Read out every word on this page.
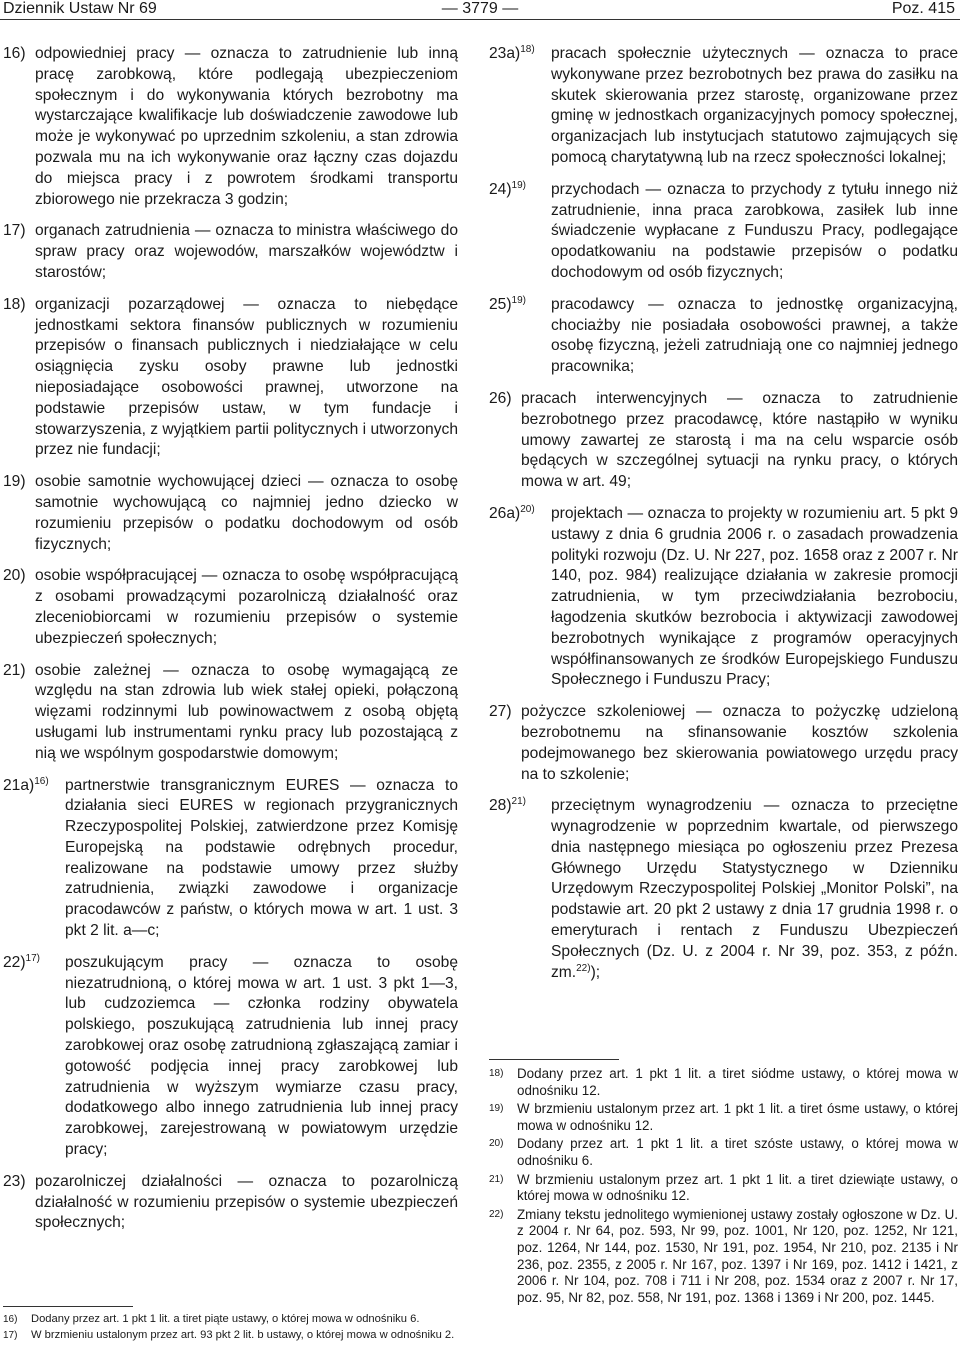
Dziennik Ustaw Nr 69	— 3779 —	Poz. 415
16) odpowiedniej pracy — oznacza to zatrudnienie lub inną pracę zarobkową, które podlegają ubezpieczeniom społecznym i do wykonywania których bezrobotny ma wystarczające kwalifikacje lub doświadczenie zawodowe lub może je wykonywać po uprzednim szkoleniu, a stan zdrowia pozwala mu na ich wykonywanie oraz łączny czas dojazdu do miejsca pracy i z powrotem środkami transportu zbiorowego nie przekracza 3 godzin;
17) organach zatrudnienia — oznacza to ministra właściwego do spraw pracy oraz wojewodów, marszałków województw i starostów;
18) organizacji pozarządowej — oznacza to niebędące jednostkami sektora finansów publicznych w rozumieniu przepisów o finansach publicznych i niedziałające w celu osiągnięcia zysku osoby prawne lub jednostki nieposiadające osobowości prawnej, utworzone na podstawie przepisów ustaw, w tym fundacje i stowarzyszenia, z wyjątkiem partii politycznych i utworzonych przez nie fundacji;
19) osobie samotnie wychowującej dzieci — oznacza to osobę samotnie wychowującą co najmniej jedno dziecko w rozumieniu przepisów o podatku dochodowym od osób fizycznych;
20) osobie współpracującej — oznacza to osobę współpracującą z osobami prowadzącymi pozarolniczą działalność oraz zleceniobiorcami w rozumieniu przepisów o systemie ubezpieczeń społecznych;
21) osobie zależnej — oznacza to osobę wymagającą ze względu na stan zdrowia lub wiek stałej opieki, połączoną więzami rodzinnymi lub powinowactwem z osobą objętą usługami lub instrumentami rynku pracy lub pozostającą z nią we wspólnym gospodarstwie domowym;
21a)$^{16)}$	partnerstwie transgranicznym EURES — oznacza to działania sieci EURES w regionach przygranicznych Rzeczypospolitej Polskiej, zatwierdzone przez Komisję Europejską na podstawie odrębnych procedur, realizowane na podstawie umowy przez służby zatrudnienia, związki zawodowe i organizacje pracodawców z państw, o których mowa w art. 1 ust. 3 pkt 2 lit. a—c;
22)$^{17)}$	poszukującym pracy — oznacza to osobę niezatrudnioną, o której mowa w art. 1 ust. 3 pkt 1—3, lub cudzoziemca — członka rodziny obywatela polskiego, poszukującą zatrudnienia lub innej pracy zarobkowej oraz osobę zatrudnioną zgłaszającą zamiar i gotowość podjęcia innej pracy zarobkowej lub zatrudnienia w wyższym wymiarze czasu pracy, dodatkowego albo innego zatrudnienia lub innej pracy zarobkowej, zarejestrowaną w powiatowym urzędzie pracy;
23) pozarolniczej działalności — oznacza to pozarolniczą działalność w rozumieniu przepisów o systemie ubezpieczeń społecznych;
16)	Dodany przez art. 1 pkt 1 lit. a tiret piąte ustawy, o której mowa w odnośniku 6.
17)	W brzmieniu ustalonym przez art. 93 pkt 2 lit. b ustawy, o której mowa w odnośniku 2.
23a)$^{18)}$	pracach społecznie użytecznych — oznacza to prace wykonywane przez bezrobotnych bez prawa do zasiłku na skutek skierowania przez starostę, organizowane przez gminę w jednostkach organizacyjnych pomocy społecznej, organizacjach lub instytucjach statutowo zajmujących się pomocą charytatywną lub na rzecz społeczności lokalnej;
24)$^{19)}$	przychodach — oznacza to przychody z tytułu innego niż zatrudnienie, inna praca zarobkowa, zasiłek lub inne świadczenie wypłacane z Funduszu Pracy, podlegające opodatkowaniu na podstawie przepisów o podatku dochodowym od osób fizycznych;
25)$^{19)}$	pracodawcy — oznacza to jednostkę organizacyjną, chociażby nie posiadała osobowości prawnej, a także osobę fizyczną, jeżeli zatrudniają one co najmniej jednego pracownika;
26) pracach interwencyjnych — oznacza to zatrudnienie bezrobotnego przez pracodawcę, które nastąpiło w wyniku umowy zawartej ze starostą i ma na celu wsparcie osób będących w szczególnej sytuacji na rynku pracy, o których mowa w art. 49;
26a)$^{20)}$	projektach — oznacza to projekty w rozumieniu art. 5 pkt 9 ustawy z dnia 6 grudnia 2006 r. o zasadach prowadzenia polityki rozwoju (Dz. U. Nr 227, poz. 1658 oraz z 2007 r. Nr 140, poz. 984) realizujące działania w zakresie promocji zatrudnienia, w tym przeciwdziałania bezrobociu, łagodzenia skutków bezrobocia i aktywizacji zawodowej bezrobotnych wynikające z programów operacyjnych współfinansowanych ze środków Europejskiego Funduszu Społecznego i Funduszu Pracy;
27) pożyczce szkoleniowej — oznacza to pożyczkę udzieloną bezrobotnemu na sfinansowanie kosztów szkolenia podejmowanego bez skierowania powiatowego urzędu pracy na to szkolenie;
28)$^{21)}$	przeciętnym wynagrodzeniu — oznacza to przeciętne wynagrodzenie w poprzednim kwartale, od pierwszego dnia następnego miesiąca po ogłoszeniu przez Prezesa Głównego Urzędu Statystycznego w Dzienniku Urzędowym Rzeczypospolitej Polskiej „Monitor Polski”, na podstawie art. 20 pkt 2 ustawy z dnia 17 grudnia 1998 r. o emeryturach i rentach z Funduszu Ubezpieczeń Społecznych (Dz. U. z 2004 r. Nr 39, poz. 353, z późn. zm.$^{22)}$);
18)	Dodany przez art. 1 pkt 1 lit. a tiret siódme ustawy, o której mowa w odnośniku 12.
19)	W brzmieniu ustalonym przez art. 1 pkt 1 lit. a tiret ósme ustawy, o której mowa w odnośniku 12.
20)	Dodany przez art. 1 pkt 1 lit. a tiret szóste ustawy, o której mowa w odnośniku 6.
21)	W brzmieniu ustalonym przez art. 1 pkt 1 lit. a tiret dziewiąte ustawy, o której mowa w odnośniku 12.
22)	Zmiany tekstu jednolitego wymienionej ustawy zostały ogłoszone w Dz. U. z 2004 r. Nr 64, poz. 593, Nr 99, poz. 1001, Nr 120, poz. 1252, Nr 121, poz. 1264, Nr 144, poz. 1530, Nr 191, poz. 1954, Nr 210, poz. 2135 i Nr 236, poz. 2355, z 2005 r. Nr 167, poz. 1397 i Nr 169, poz. 1412 i 1421, z 2006 r. Nr 104, poz. 708 i 711 i Nr 208, poz. 1534 oraz z 2007 r. Nr 17, poz. 95, Nr 82, poz. 558, Nr 191, poz. 1368 i 1369 i Nr 200, poz. 1445.
